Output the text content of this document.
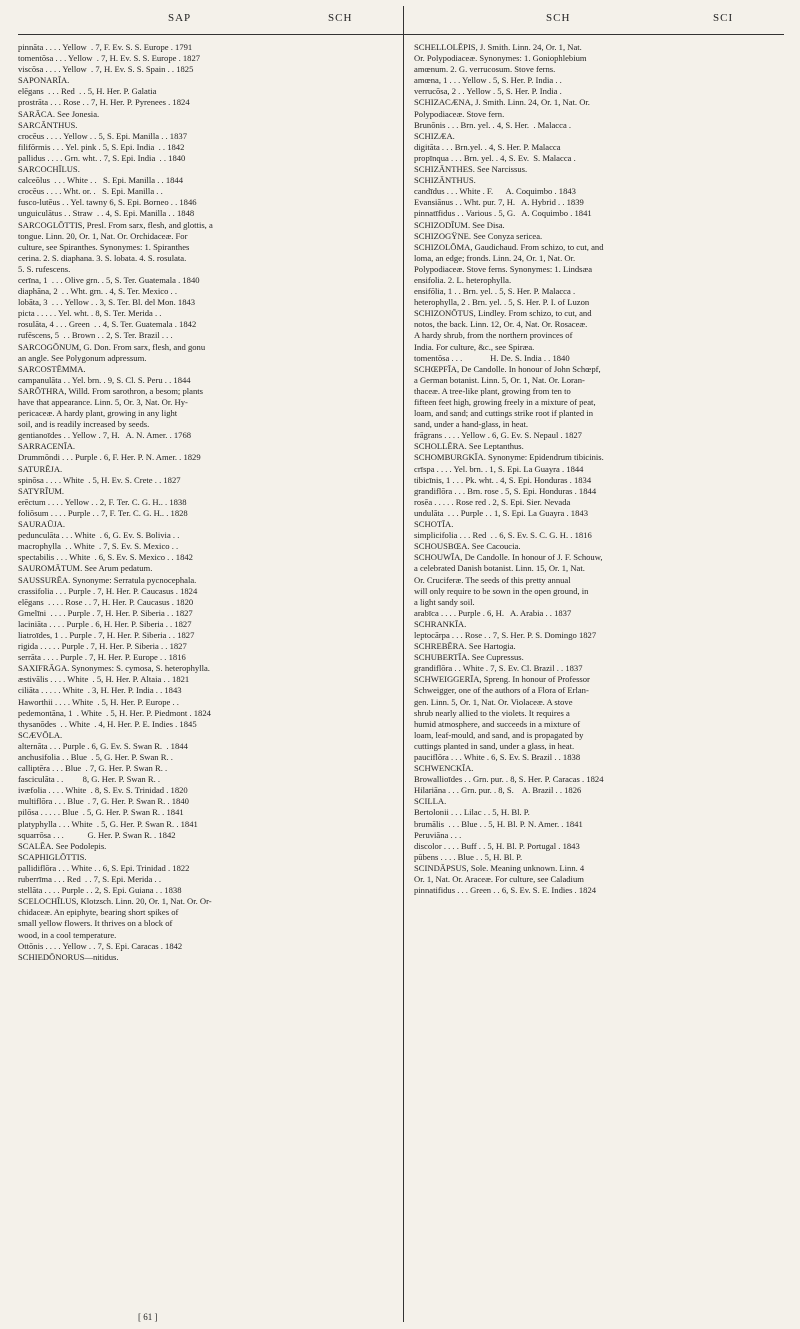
SAP	SCH	SCH	SCI
pinnāta . . . . Yellow  . 7, F. Ev. S. S. Europe . 1791
tomentōsa . . . Yellow  . 7, H. Ev. S. S. Europe . 1827
viscōsa . . . . Yellow  . 7, H. Ev. S. S. Spain . . 1825
SAPONARĪA.
elēgans  . . . Red  . . 5, H. Her. P. Galatia
prostrāta . . . Rose . . 7, H. Her. P. Pyrenees . 1824
SARĀCA. See Jonesia.
SARCĀNTHUS.
crocēus . . . . Yellow . . 5, S. Epi. Manilla . . 1837
filifōrmis . . . Yel. pink . 5, S. Epi. India  . . 1842
pallidus . . . . Grn. wht. . 7, S. Epi. India  . . 1840
SARCOCHĪLUS.
calceōlus  . . . White . .   S. Epi. Manilla . . 1844
crocēus . . . . Wht. or. .   S. Epi. Manilla . .
fusco-lutēus . . Yel. tawny 6, S. Epi. Borneo . . 1846
unguiculātus . . Straw  . . 4, S. Epi. Manilla . . 1848
SARCOGLŌTTIS, Presl. From sarx, flesh, and glottis, a
tongue. Linn. 20, Or. 1, Nat. Or. Orchidaceæ. For
culture, see Spiranthes. Synonymes: 1. Spiranthes
cerina. 2. S. diaphana. 3. S. lobata. 4. S. rosulata.
5. S. rufescens.
cerīna, 1  . . . Olive grn. . 5, S. Ter. Guatemala . 1840
diaphāna, 2  . . Wht. grn. . 4, S. Ter. Mexico . .
lobāta, 3  . . . Yellow . . 3, S. Ter. Bl. del Mon. 1843
picta . . . . . Yel. wht. . 8, S. Ter. Merida . .
rosulāta, 4 . . . Green  . . 4, S. Ter. Guatemala . 1842
rufēscens, 5  . . Brown . . 2, S. Ter. Brazil . . .
SARCOGŌNUM, G. Don. From sarx, flesh, and gonu
an angle. See Polygonum adpressum.
SARCOSTĒMMA.
campanulāta . . Yel. brn. . 9, S. Cl. S. Peru . . 1844
SARŌTHRA, Willd. From sarothron, a besom; plants
have that appearance. Linn. 5, Or. 3, Nat. Or. Hy-
pericaceæ. A hardy plant, growing in any light
soil, and is readily increased by seeds.
gentianoīdes . . Yellow . 7, H.   A. N. Amer. . 1768
SARRACENĪA.
Drummōndi . . . Purple . 6, F. Her. P. N. Amer. . 1829
SATURĒJA.
spinōsa . . . . White  . 5, H. Ev. S. Crete . . 1827
SATYRĪUM.
erēctum . . . . Yellow . . 2, F. Ter. C. G. H.. . 1838
foliōsum . . . . Purple . . 7, F. Ter. C. G. H.. . 1828
SAURAŪJA.
pedunculāta . . . White  . 6, G. Ev. S. Bolivia . .
macrophylla  . . White  . 7, S. Ev. S. Mexico . .
spectabilis . . . White  . 6, S. Ev. S. Mexico . . 1842
SAUROMĀTUM. See Arum pedatum.
SAUSSURĒA. Synonyme: Serratula pycnocephala.
crassifolia . . . Purple . 7, H. Her. P. Caucasus . 1824
elēgans  . . . . Rose . . 7, H. Her. P. Caucasus . 1820
Gmelīni  . . . . Purple . 7, H. Her. P. Siberia . . 1827
laciniāta . . . . Purple . 6, H. Her. P. Siberia . . 1827
liatroīdes, 1 . . Purple . 7, H. Her. P. Siberia . . 1827
rigida . . . . . Purple . 7, H. Her. P. Siberia . . 1827
serrāta . . . . Purple . 7, H. Her. P. Europe . . 1816
SAXIFRĀGA. Synonymes: S. cymosa, S. heterophylla.
æstivālis . . . . White  . 5, H. Her. P. Altaia . . 1821
ciliāta . . . . . White  . 3, H. Her. P. India . . 1843
Haworthii . . . . White  . 5, H. Her. P. Europe . .
pedemontāna, 1  . White  . 5, H. Her. P. Piedmont . 1824
thysanōdes  . . White  . 4, H. Her. P. E. Indies . 1845
SCÆVŌLA.
alternāta . . . Purple . 6, G. Ev. S. Swan R.  . 1844
anchusifolia . . Blue  . 5, G. Her. P. Swan R. .
calliptēra . . . Blue  . 7, G. Her. P. Swan R. .
fasciculāta . .         8, G. Her. P. Swan R. .
ivæfolia . . . . White  . 8, S. Ev. S. Trinidad . 1820
multiflōra . . . Blue  . 7, G. Her. P. Swan R. . 1840
pilōsa . . . . . Blue  . 5, G. Her. P. Swan R. . 1841
platyphylla . . . White  . 5, G. Her. P. Swan R. . 1841
squarrōsa . . .           G. Her. P. Swan R. . 1842
SCALĒA. See Podolepis.
SCAPHIGLŌTTIS.
pallidiflōra . . . White . . 6, S. Epi. Trinidad . 1822
ruberrīma . . . Red  . . 7, S. Epi. Merida . .
stellāta . . . . Purple . . 2, S. Epi. Guiana . . 1838
SCELOCHĪLUS, Klotzsch. Linn. 20, Or. 1, Nat. Or. Or-
chidaceæ. An epiphyte, bearing short spikes of
small yellow flowers. It thrives on a block of
wood, in a cool temperature.
Ottōnis . . . . Yellow . . 7, S. Epi. Caracas . 1842
SCHIEDŌNORUS—nitidus.
SCHELLOLĒPIS, J. Smith. Linn. 24, Or. 1, Nat.
Or. Polypodiaceæ. Synonymes: 1. Goniophlebium
amœnum. 2. G. verrucosum. Stove ferns.
amœna, 1 . . . Yellow . 5, S. Her. P. India . .
verrucōsa, 2 . . Yellow . 5, S. Her. P. India .
SCHIZACÆNA, J. Smith. Linn. 24, Or. 1, Nat. Or.
Polypodiaceæ. Stove fern.
Brunōnis . . . Brn. yel. . 4, S. Her.  . Malacca .
SCHIZÆA.
digitāta . . . Brn.yel. . 4, S. Her. P. Malacca
propīnqua . . . Brn. yel. . 4, S. Ev.  S. Malacca .
SCHIZĀNTHES. See Narcissus.
SCHIZĀNTHUS.
candīdus . . . White . F.      A. Coquimbo . 1843
Evansiānus . . Wht. pur. 7, H.   A. Hybrid . . 1839
pinnatīfidus . . Various . 5, G.   A. Coquimbo . 1841
SCHIZODĪUM. See Disa.
SCHIZOGŸNE. See Conyza sericea.
SCHIZOLŌMA, Gaudichaud. From schizo, to cut, and
loma, an edge; fronds. Linn. 24, Or. 1, Nat. Or.
Polypodiaceæ. Stove ferns. Synonymes: 1. Lindsæa
ensifolia. 2. L. heterophylla.
ensifōlia, 1 . . Brn. yel. . 5, S. Her. P. Malacca .
heterophylla, 2 . Brn. yel. . 5, S. Her. P. I. of Luzon
SCHIZONŌTUS, Lindley. From schizo, to cut, and
notos, the back. Linn. 12, Or. 4, Nat. Or. Rosaceæ.
A hardy shrub, from the northern provinces of
India. For culture, &c., see Spiræa.
tomentōsa . . .             H. De. S. India . . 1840
SCHŒPFĪA, De Candolle. In honour of John Schœpf,
a German botanist. Linn. 5, Or. 1, Nat. Or. Loran-
thaceæ. A tree-like plant, growing from ten to
fifteen feet high, growing freely in a mixture of peat,
loam, and sand; and cuttings strike root if planted in
sand, under a hand-glass, in heat.
frāgrans . . . . Yellow . 6, G. Ev. S. Nepaul . 1827
SCHOLLĒRA. See Leptanthus.
SCHOMBURGKĪA. Synonyme: Epidendrum tibicinis.
crīspa . . . . Yel. brn. . 1, S. Epi. La Guayra . 1844
tibicīnis, 1 . . . Pk. wht. . 4, S. Epi. Honduras . 1834
grandiflōra . . . Brn. rose . 5, S. Epi. Honduras . 1844
rosēa . . . . . Rose red . 2, S. Epi. Sier. Nevada
undulāta  . . . Purple . . 1, S. Epi. La Guayra . 1843
SCHOTĪA.
simplicifolia . . . Red  . . 6, S. Ev. S. C. G. H. . 1816
SCHOUSBŒA. See Cacoucia.
SCHOUWĪA, De Candolle. In honour of J. F. Schouw,
a celebrated Danish botanist. Linn. 15, Or. 1, Nat.
Or. Cruciferæ. The seeds of this pretty annual
will only require to be sown in the open ground, in
a light sandy soil.
arabīca . . . . Purple . 6, H.   A. Arabia . . 1837
SCHRANKĪA.
leptocārpa . . . Rose . . 7, S. Her. P. S. Domingo 1827
SCHREBĒRA. See Hartogia.
SCHUBERTĪA. See Cupressus.
grandiflōra . . White . 7, S. Ev. Cl. Brazil . . 1837
SCHWEIGGERĪA, Spreng. In honour of Professor
Schweigger, one of the authors of a Flora of Erlan-
gen. Linn. 5, Or. 1, Nat. Or. Violaceæ. A stove
shrub nearly allied to the violets. It requires a
humid atmosphere, and succeeds in a mixture of
loam, leaf-mould, and sand, and is propagated by
cuttings planted in sand, under a glass, in heat.
pauciflōra . . . White . 6, S. Ev. S. Brazil . . 1838
SCHWENCKĪA.
Browallioīdes . . Grn. pur. . 8, S. Her. P. Caracas . 1824
Hilariāna . . . Grn. pur. . 8, S.    A. Brazil . . 1826
SCILLA.
Bertolonii . . . Lilac . . 5, H. Bl. P.
brumālis  . . . Blue . . 5, H. Bl. P. N. Amer. . 1841
Peruviāna . . .
discolor . . . . Buff . . 5, H. Bl. P. Portugal . 1843
pūbens . . . . Blue . . 5, H. Bl. P.
SCINDĀPSUS, Sole. Meaning unknown. Linn. 4
Or. 1, Nat. Or. Araceæ. For culture, see Caladium
pinnatifidus . . . Green . . 6, S. Ev. S. E. Indies . 1824
[ 61 ]
